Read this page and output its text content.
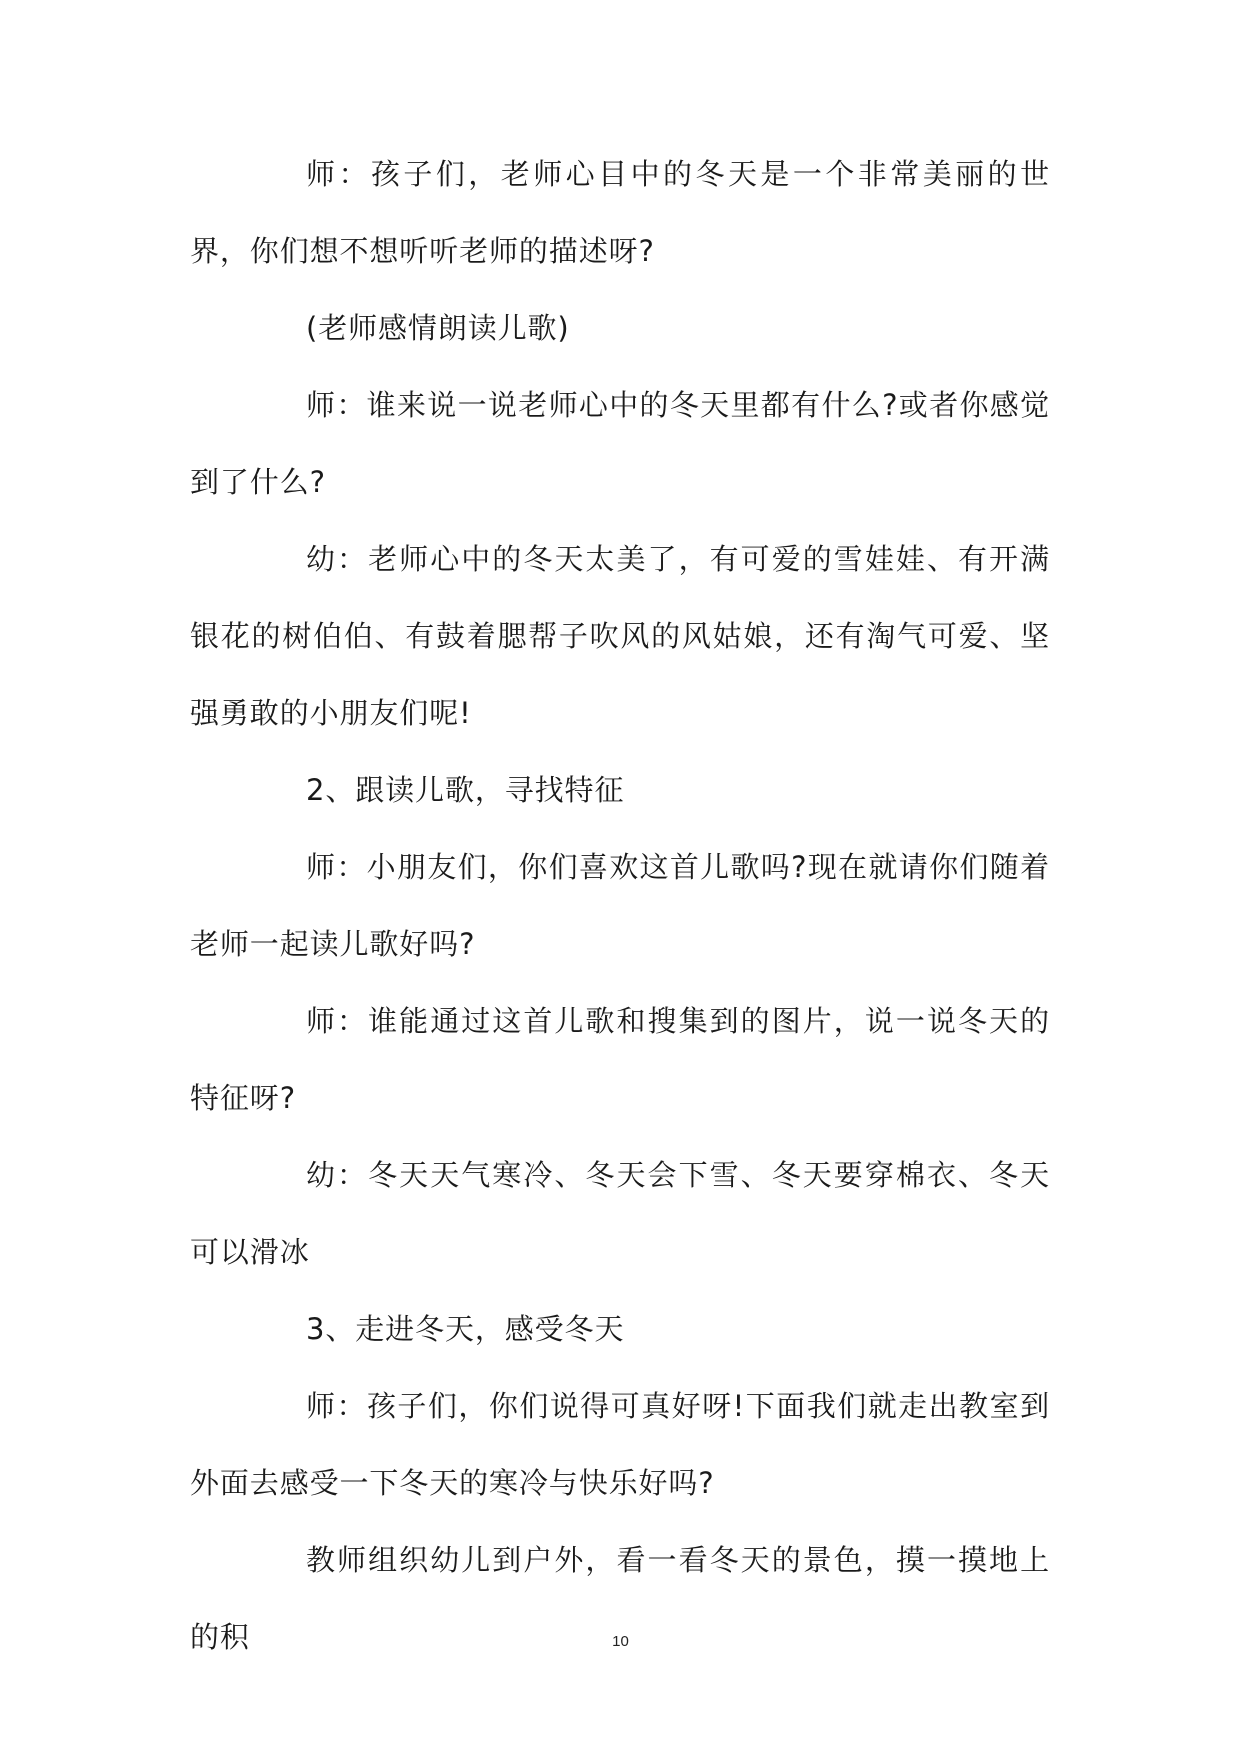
师：孩子们，老师心目中的冬天是一个非常美丽的世界，你们想不想听听老师的描述呀?

(老师感情朗读儿歌)

师：谁来说一说老师心中的冬天里都有什么?或者你感觉到了什么?

幼：老师心中的冬天太美了，有可爱的雪娃娃、有开满银花的树伯伯、有鼓着腮帮子吹风的风姑娘，还有淘气可爱、坚强勇敢的小朋友们呢!

2、跟读儿歌，寻找特征

师：小朋友们，你们喜欢这首儿歌吗?现在就请你们随着老师一起读儿歌好吗?

师：谁能通过这首儿歌和搜集到的图片，说一说冬天的特征呀?

幼：冬天天气寒冷、冬天会下雪、冬天要穿棉衣、冬天可以滑冰

3、走进冬天，感受冬天

师：孩子们，你们说得可真好呀!下面我们就走出教室到外面去感受一下冬天的寒冷与快乐好吗?

教师组织幼儿到户外，看一看冬天的景色，摸一摸地上的积	10
